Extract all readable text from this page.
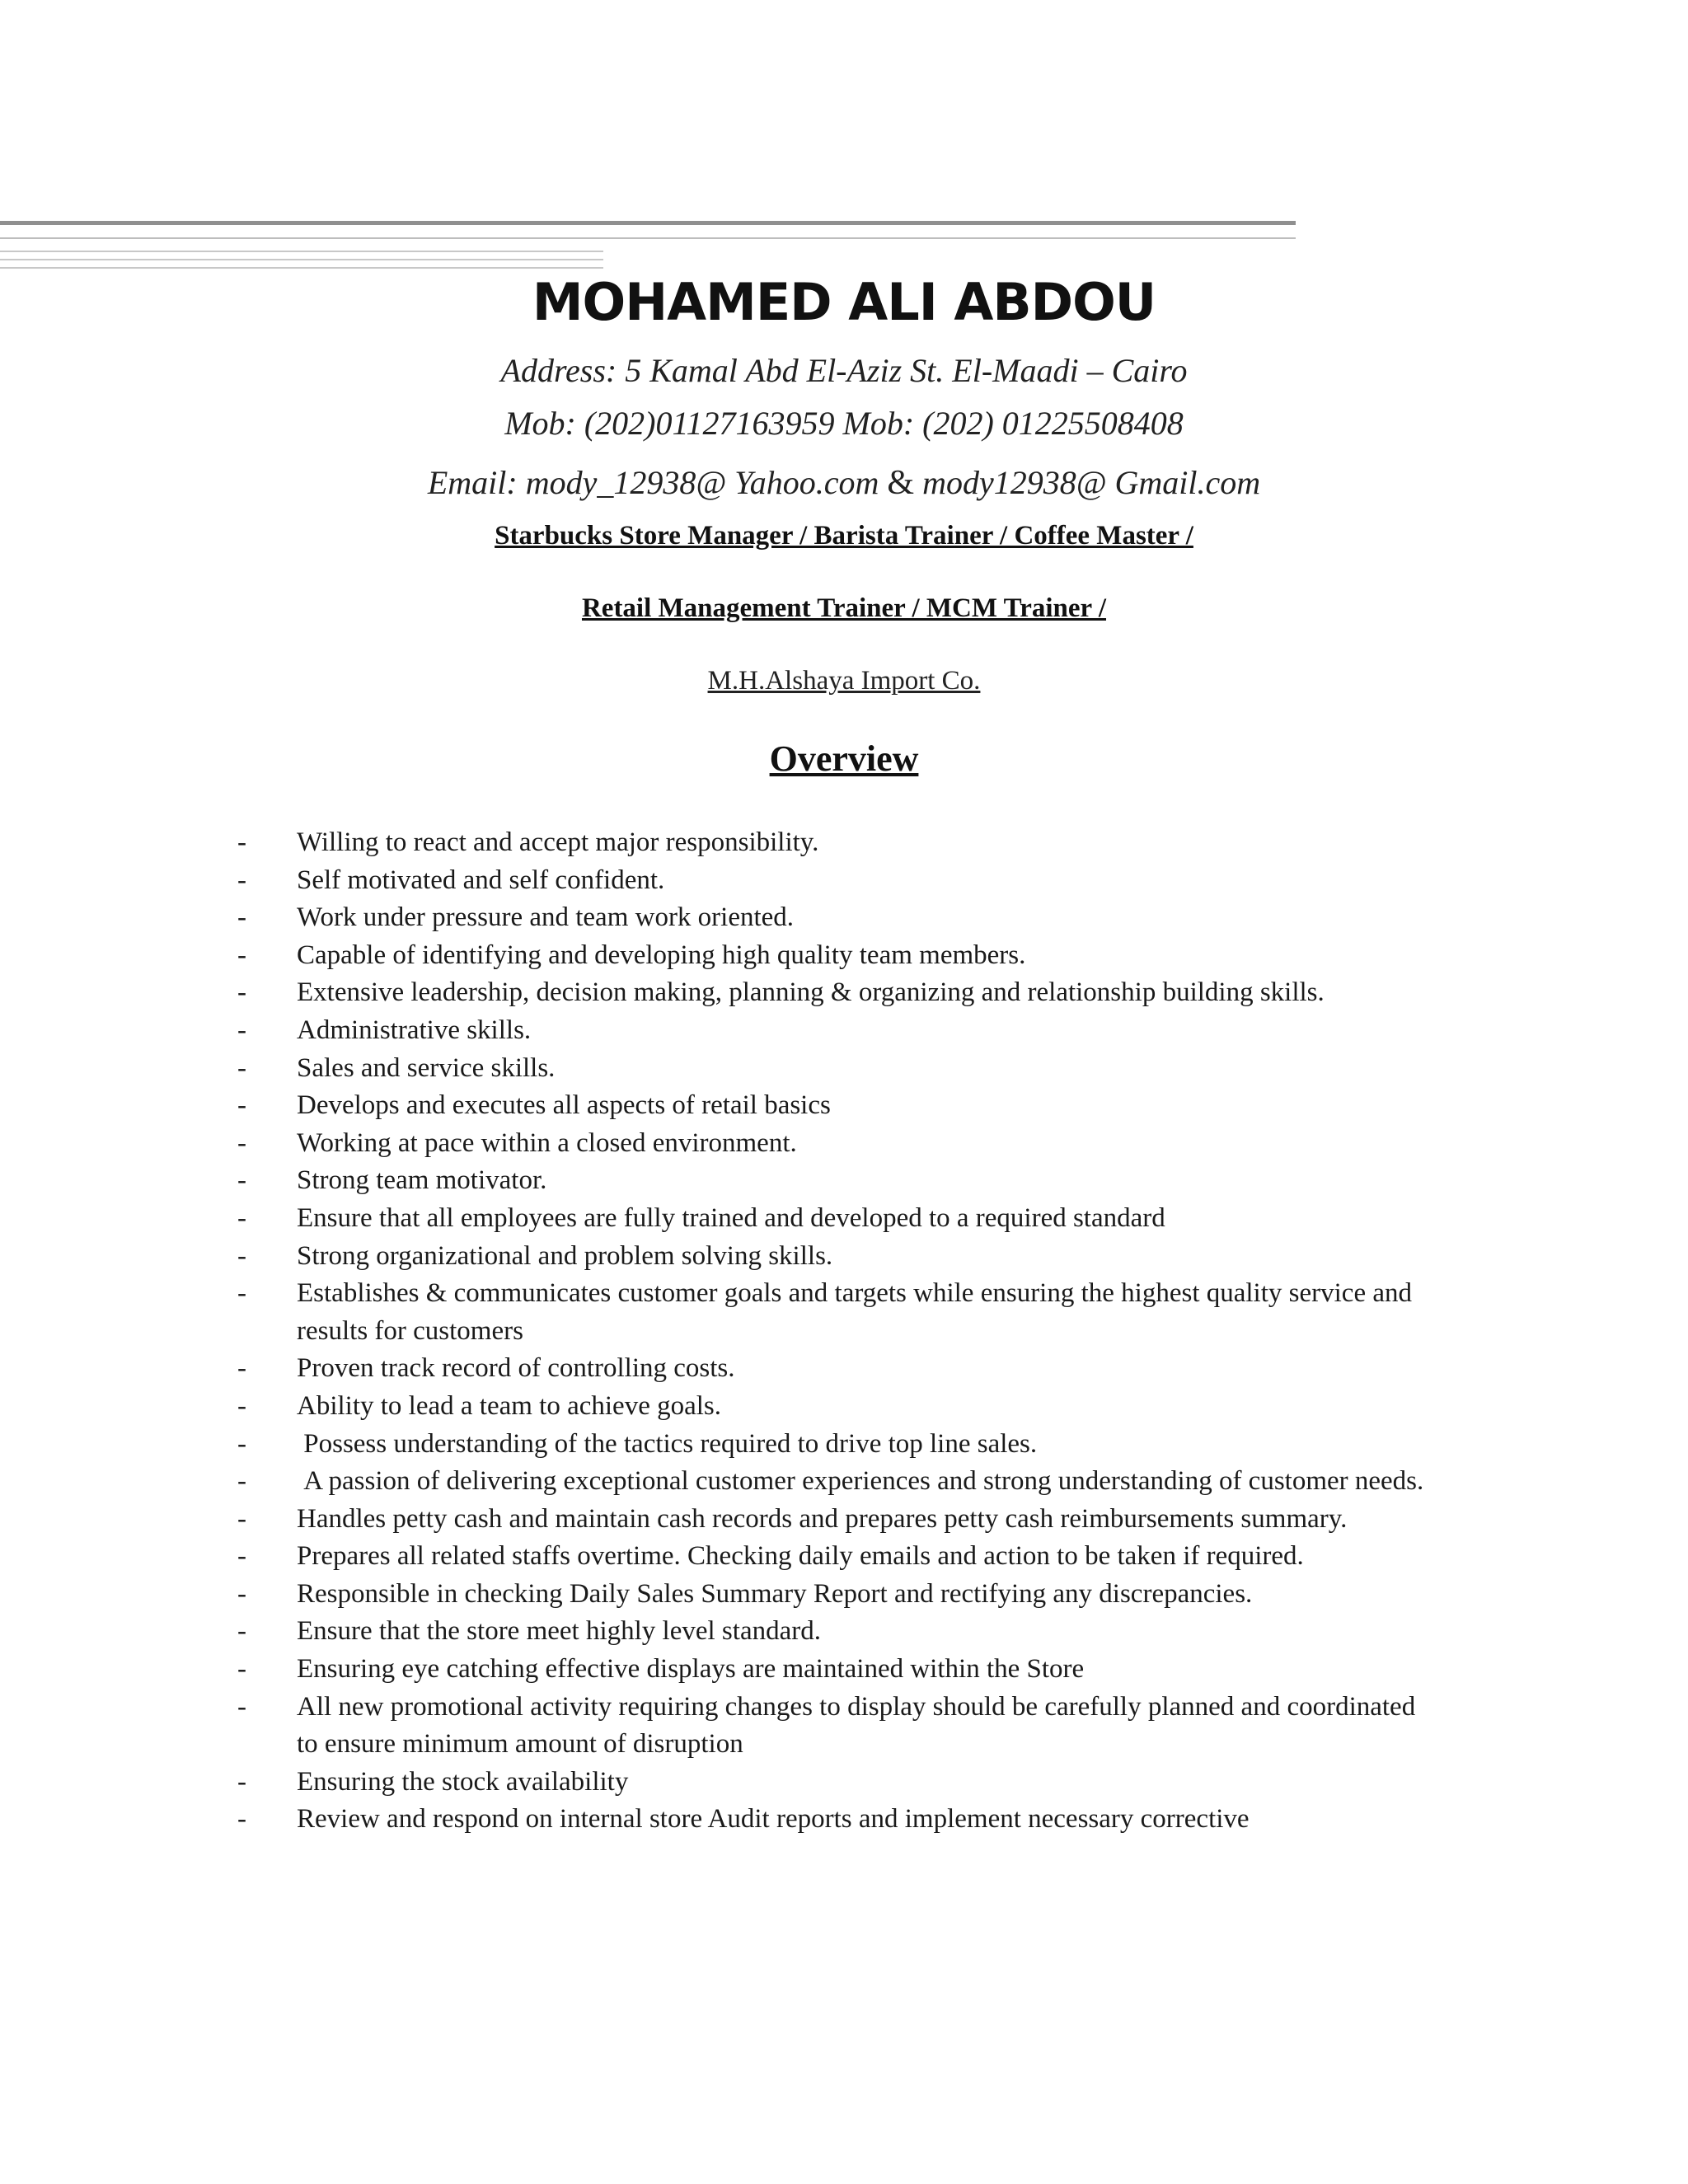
MOHAMED ALI ABDOU
Address: 5 Kamal Abd El-Aziz St. El-Maadi – Cairo
Mob: (202)01127163959 Mob: (202) 01225508408
Email: mody_12938@ Yahoo.com & mody12938@ Gmail.com
Starbucks Store Manager / Barista Trainer / Coffee Master /
Retail Management Trainer / MCM Trainer /
M.H.Alshaya Import Co.
Overview
- Willing to react and accept major responsibility.
- Self motivated and self confident.
- Work under pressure and team work oriented.
- Capable of identifying and developing high quality team members.
- Extensive leadership, decision making, planning & organizing and relationship building skills.
- Administrative skills.
- Sales and service skills.
- Develops and executes all aspects of retail basics
- Working at pace within a closed environment.
- Strong team motivator.
- Ensure that all employees are fully trained and developed to a required standard
- Strong organizational and problem solving skills.
- Establishes & communicates customer goals and targets while ensuring the highest quality service and results for customers
- Proven track record of controlling costs.
- Ability to lead a team to achieve goals.
- Possess understanding of the tactics required to drive top line sales.
- A passion of delivering exceptional customer experiences and strong understanding of customer needs.
- Handles petty cash and maintain cash records and prepares petty cash reimbursements summary.
- Prepares all related staffs overtime. Checking daily emails and action to be taken if required.
- Responsible in checking Daily Sales Summary Report and rectifying any discrepancies.
- Ensure that the store meet highly level standard.
- Ensuring eye catching effective displays are maintained within the Store
- All new promotional activity requiring changes to display should be carefully planned and coordinated to ensure minimum amount of disruption
- Ensuring the stock availability
- Review and respond on internal store Audit reports and implement necessary corrective
